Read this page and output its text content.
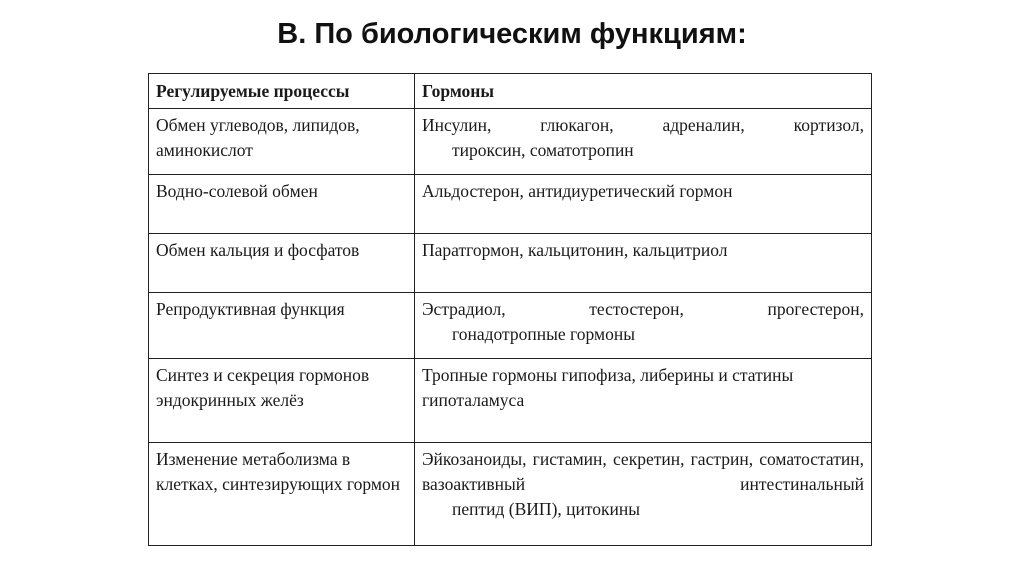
В. По биологическим функциям:
Регулируемые процессы	Гормоны
Обмен углеводов, липидов, аминокислот	Инсулин, глюкагон, адреналин, кортизол,
тироксин, соматотропин

Водно-солевой обмен	Альдостерон, антидиуретический гормон
Обмен кальция и фосфатов	Паратгормон, кальцитонин, кальцитриол
Репродуктивная функция	Эстрадиол, тестостерон, прогестерон,
гонадотропные гормоны

Синтез и секреция гормонов эндокринных желёз	Тропные гормоны гипофиза, либерины и статины гипоталамуса
Изменение метаболизма в клетках, синтезирующих гормон	Эйкозаноиды, гистамин, секретин, гастрин, соматостатин, вазоактивный интестинальный
пептид (ВИП), цитокины
